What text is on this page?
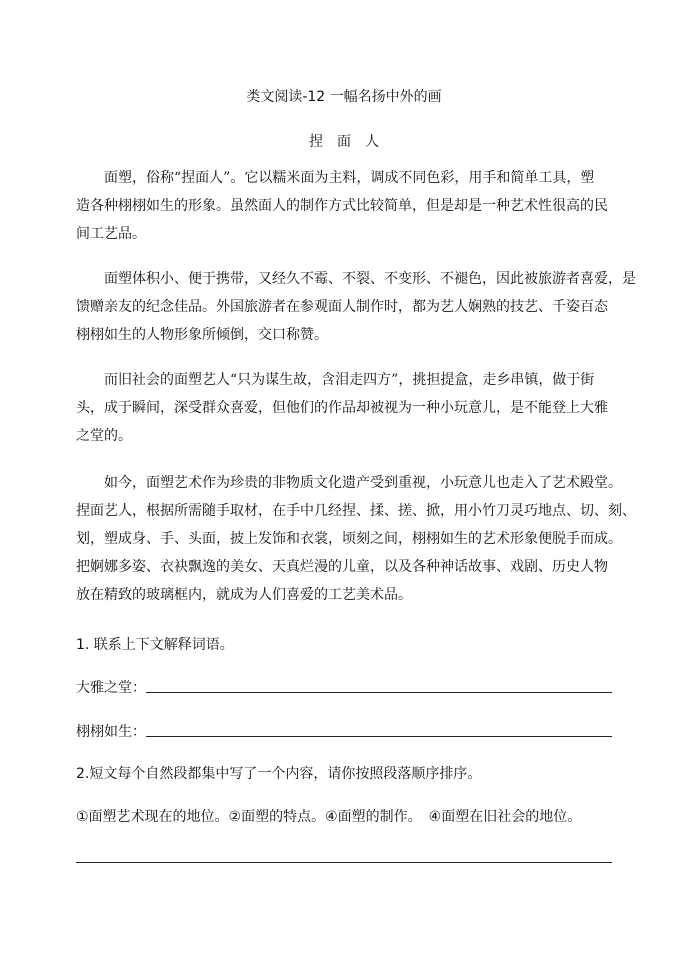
类文阅读-12 一幅名扬中外的画
捏　面　人
面塑，俗称“捏面人”。它以糯米面为主料，调成不同色彩，用手和简单工具，塑
造各种栩栩如生的形象。虽然面人的制作方式比较简单，但是却是一种艺术性很高的民
间工艺品。
面塑体积小、便于携带，又经久不霉、不裂、不变形、不褪色，因此被旅游者喜爱，是
馈赠亲友的纪念佳品。外国旅游者在参观面人制作时，都为艺人娴熟的技艺、千姿百态
栩栩如生的人物形象所倾倒，交口称赞。
而旧社会的面塑艺人“只为谋生故，含泪走四方”，挑担提盒，走乡串镇，做于街
头，成于瞬间，深受群众喜爱，但他们的作品却被视为一种小玩意儿，是不能登上大雅
之堂的。
如今，面塑艺术作为珍贵的非物质文化遗产受到重视，小玩意儿也走入了艺术殿堂。
捏面艺人，根据所需随手取材，在手中几经捏、揉、搓、掀，用小竹刀灵巧地点、切、刻、
划，塑成身、手、头面，披上发饰和衣裳，顷刻之间，栩栩如生的艺术形象便脱手而成。
把婀娜多姿、衣袂飘逸的美女、天真烂漫的儿童，以及各种神话故事、戏剧、历史人物
放在精致的玻璃框内，就成为人们喜爱的工艺美术品。
1. 联系上下文解释词语。
大雅之堂：
栩栩如生：
2.短文每个自然段都集中写了一个内容，请你按照段落顺序排序。
①面塑艺术现在的地位。②面塑的特点。④面塑的制作。　④面塑在旧社会的地位。
